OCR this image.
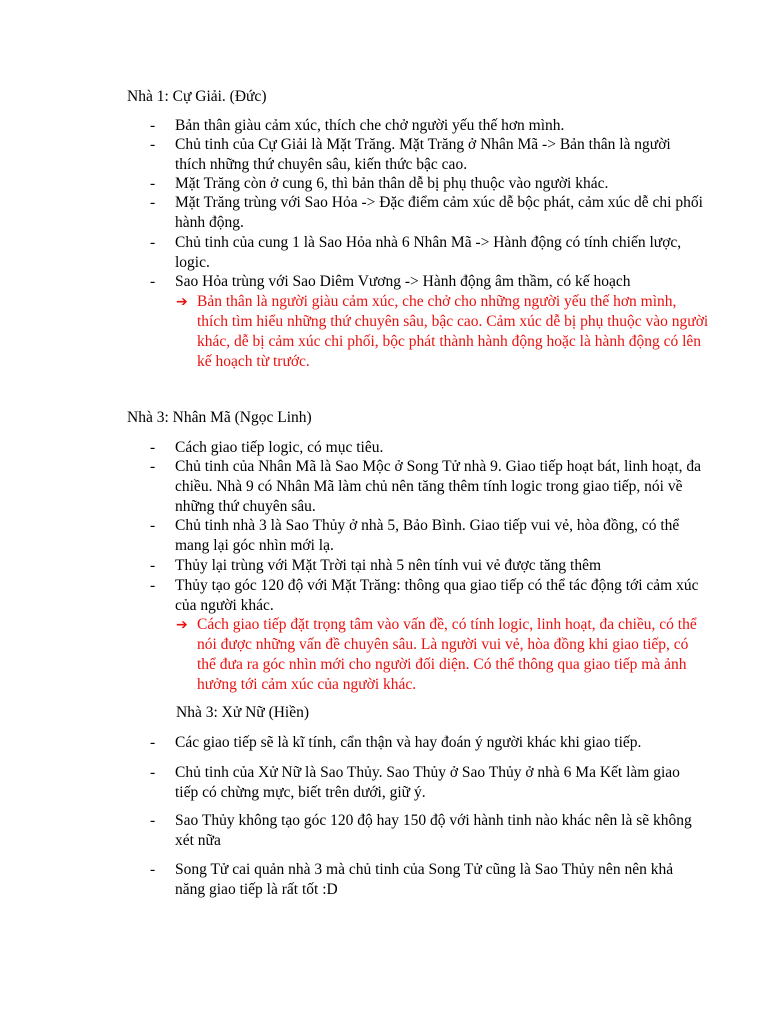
Nhà 1: Cự Giải. (Đức)
- Bản thân giàu cảm xúc, thích che chở người yếu thế hơn mình.
- Chủ tinh của Cự Giải là Mặt Trăng. Mặt Trăng ở Nhân Mã -> Bản thân là người thích những thứ chuyên sâu, kiến thức bậc cao.
- Mặt Trăng còn ở cung 6, thì bản thân dễ bị phụ thuộc vào người khác.
- Mặt Trăng trùng với Sao Hỏa -> Đặc điểm cảm xúc dễ bộc phát, cảm xúc dễ chi phối hành động.
- Chủ tinh của cung 1 là Sao Hỏa nhà 6 Nhân Mã -> Hành động có tính chiến lược, logic.
- Sao Hỏa trùng với Sao Diêm Vương -> Hành động âm thầm, có kế hoạch
➔ Bản thân là người giàu cảm xúc, che chở cho những người yếu thế hơn mình, thích tìm hiểu những thứ chuyên sâu, bậc cao. Cảm xúc dễ bị phụ thuộc vào người khác, dễ bị cảm xúc chi phối, bộc phát thành hành động hoặc là hành động có lên kế hoạch từ trước.
Nhà 3: Nhân Mã (Ngọc Linh)
- Cách giao tiếp logic, có mục tiêu.
- Chủ tinh của Nhân Mã là Sao Mộc ở Song Tử nhà 9. Giao tiếp hoạt bát, linh hoạt, đa chiều. Nhà 9 có Nhân Mã làm chủ nên tăng thêm tính logic trong giao tiếp, nói về những thứ chuyên sâu.
- Chủ tinh nhà 3 là Sao Thủy ở nhà 5, Bảo Bình. Giao tiếp vui vẻ, hòa đồng, có thể mang lại góc nhìn mới lạ.
- Thủy lại trùng với Mặt Trời tại nhà 5 nên tính vui vẻ được tăng thêm
- Thủy tạo góc 120 độ với Mặt Trăng: thông qua giao tiếp có thể tác động tới cảm xúc của người khác.
➔ Cách giao tiếp đặt trọng tâm vào vấn đề, có tính logic, linh hoạt, đa chiều, có thể nói được những vấn đề chuyên sâu. Là người vui vẻ, hòa đồng khi giao tiếp, có thể đưa ra góc nhìn mới cho người đối diện. Có thể thông qua giao tiếp mà ảnh hưởng tới cảm xúc của người khác.
Nhà 3: Xử Nữ (Hiền)
- Các giao tiếp sẽ là kĩ tính, cẩn thận và hay đoán ý người khác khi giao tiếp.
- Chủ tinh của Xử Nữ là Sao Thủy. Sao Thủy ở Sao Thủy ở nhà 6 Ma Kết làm giao tiếp có chừng mực, biết trên dưới, giữ ý.
- Sao Thủy không tạo góc 120 độ hay 150 độ với hành tinh nào khác nên là sẽ không xét nữa
- Song Tử cai quản nhà 3 mà chủ tinh của Song Tử cũng là Sao Thủy nên nên khả năng giao tiếp là rất tốt :D
